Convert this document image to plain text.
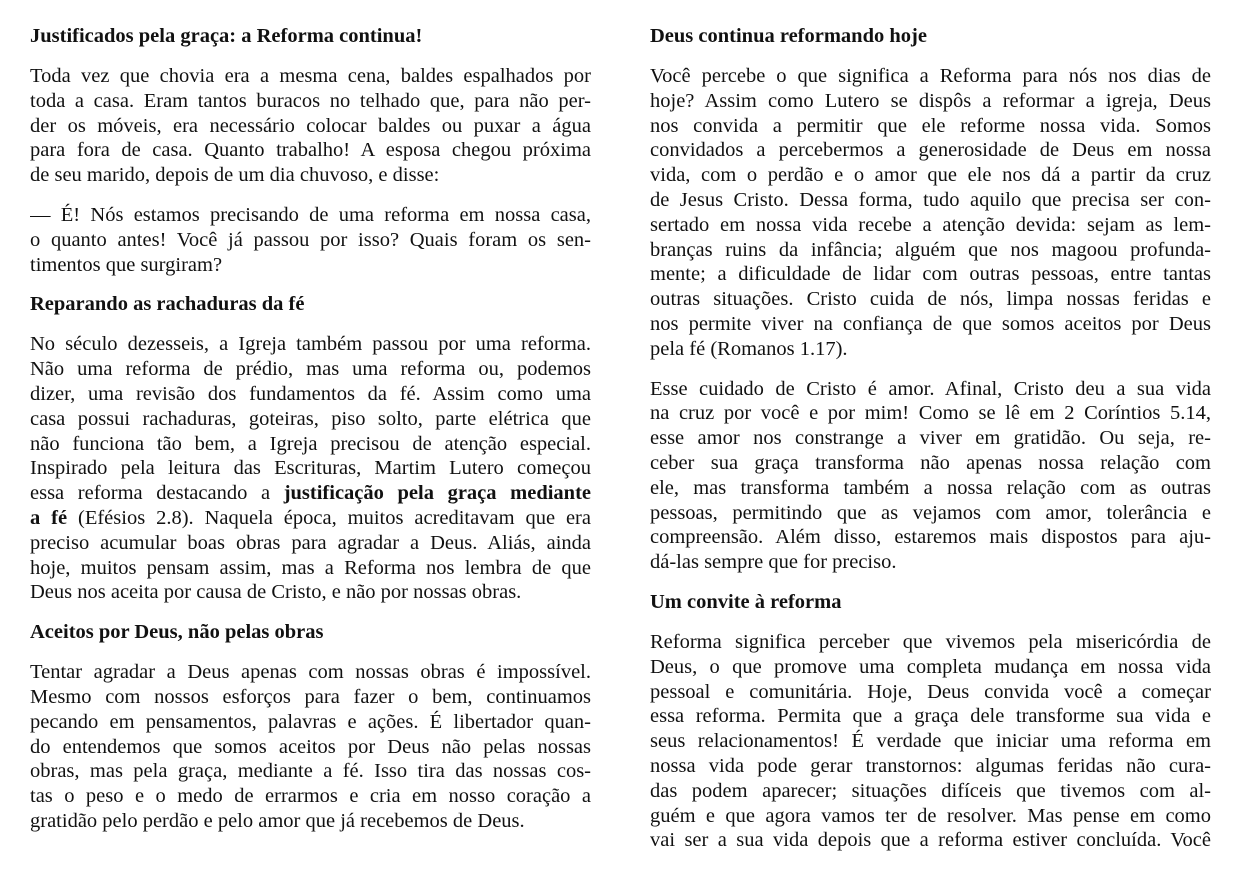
Justificados pela graça: a Reforma continua!
Toda vez que chovia era a mesma cena, baldes espalhados por
toda a casa. Eram tantos buracos no telhado que, para não per-
der os móveis, era necessário colocar baldes ou puxar a água
para fora de casa. Quanto trabalho! A esposa chegou próxima
de seu marido, depois de um dia chuvoso, e disse:
— É! Nós estamos precisando de uma reforma em nossa casa,
o quanto antes! Você já passou por isso? Quais foram os sen-
timentos que surgiram?
Reparando as rachaduras da fé
No século dezesseis, a Igreja também passou por uma reforma.
Não uma reforma de prédio, mas uma reforma ou, podemos
dizer, uma revisão dos fundamentos da fé. Assim como uma
casa possui rachaduras, goteiras, piso solto, parte elétrica que
não funciona tão bem, a Igreja precisou de atenção especial.
Inspirado pela leitura das Escrituras, Martim Lutero começou
essa reforma destacando a justificação pela graça mediante
a fé (Efésios 2.8). Naquela época, muitos acreditavam que era
preciso acumular boas obras para agradar a Deus. Aliás, ainda
hoje, muitos pensam assim, mas a Reforma nos lembra de que
Deus nos aceita por causa de Cristo, e não por nossas obras.
Aceitos por Deus, não pelas obras
Tentar agradar a Deus apenas com nossas obras é impossível.
Mesmo com nossos esforços para fazer o bem, continuamos
pecando em pensamentos, palavras e ações. É libertador quan-
do entendemos que somos aceitos por Deus não pelas nossas
obras, mas pela graça, mediante a fé. Isso tira das nossas cos-
tas o peso e o medo de errarmos e cria em nosso coração a
gratidão pelo perdão e pelo amor que já recebemos de Deus.
Deus continua reformando hoje
Você percebe o que significa a Reforma para nós nos dias de
hoje? Assim como Lutero se dispôs a reformar a igreja, Deus
nos convida a permitir que ele reforme nossa vida. Somos
convidados a percebermos a generosidade de Deus em nossa
vida, com o perdão e o amor que ele nos dá a partir da cruz
de Jesus Cristo. Dessa forma, tudo aquilo que precisa ser con-
sertado em nossa vida recebe a atenção devida: sejam as lem-
branças ruins da infância; alguém que nos magoou profunda-
mente; a dificuldade de lidar com outras pessoas, entre tantas
outras situações. Cristo cuida de nós, limpa nossas feridas e
nos permite viver na confiança de que somos aceitos por Deus
pela fé (Romanos 1.17).
Esse cuidado de Cristo é amor. Afinal, Cristo deu a sua vida
na cruz por você e por mim! Como se lê em 2 Coríntios 5.14,
esse amor nos constrange a viver em gratidão. Ou seja, re-
ceber sua graça transforma não apenas nossa relação com
ele, mas transforma também a nossa relação com as outras
pessoas, permitindo que as vejamos com amor, tolerância e
compreensão. Além disso, estaremos mais dispostos para aju-
dá-las sempre que for preciso.
Um convite à reforma
Reforma significa perceber que vivemos pela misericórdia de
Deus, o que promove uma completa mudança em nossa vida
pessoal e comunitária. Hoje, Deus convida você a começar
essa reforma. Permita que a graça dele transforme sua vida e
seus relacionamentos! É verdade que iniciar uma reforma em
nossa vida pode gerar transtornos: algumas feridas não cura-
das podem aparecer; situações difíceis que tivemos com al-
guém e que agora vamos ter de resolver. Mas pense em como
vai ser a sua vida depois que a reforma estiver concluída. Você
